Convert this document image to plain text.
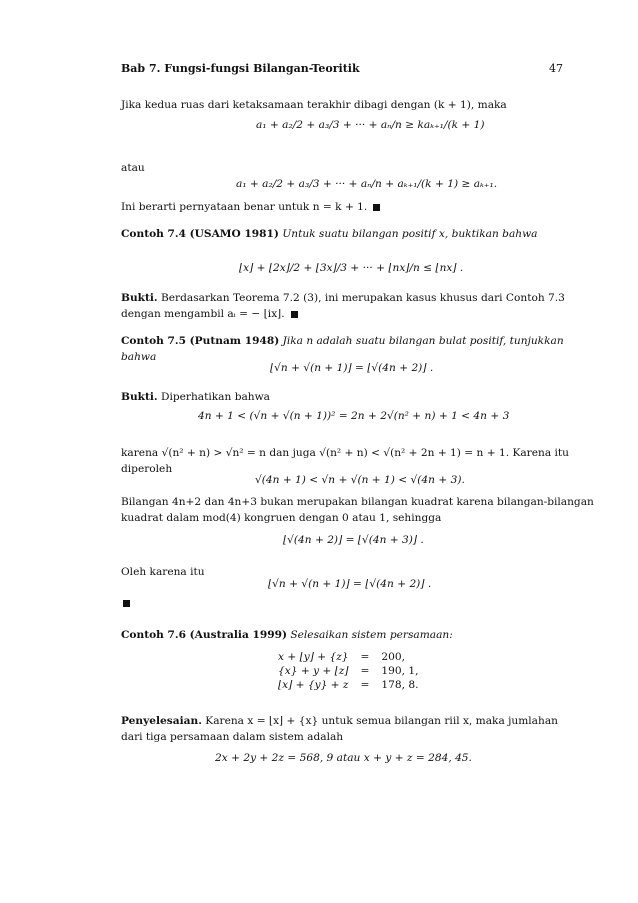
Bab 7. Fungsi-fungsi Bilangan-Teoritik	47
Jika kedua ruas dari ketaksamaan terakhir dibagi dengan (k + 1), maka
a₁ + a₂/2 + a₃/3 + ··· + aₙ/n ≥ kaₖ₊₁/(k + 1)
atau
a₁ + a₂/2 + a₃/3 + ··· + aₙ/n + aₖ₊₁/(k + 1) ≥ aₖ₊₁.
Ini berarti pernyataan benar untuk n = k + 1.
Contoh 7.4 (USAMO 1981) Untuk suatu bilangan positif x, buktikan bahwa
⌊x⌋ + ⌊2x⌋/2 + ⌊3x⌋/3 + ··· + ⌊nx⌋/n ≤ ⌊nx⌋ .
Bukti. Berdasarkan Teorema 7.2 (3), ini merupakan kasus khusus dari Contoh 7.3
dengan mengambil aᵢ = − ⌊ix⌋.
Contoh 7.5 (Putnam 1948) Jika n adalah suatu bilangan bulat positif, tunjukkan
bahwa
⌊√n + √(n + 1)⌋ = ⌊√(4n + 2)⌋ .
Bukti. Diperhatikan bahwa
4n + 1 < (√n + √(n + 1))² = 2n + 2√(n² + n) + 1 < 4n + 3
karena √(n² + n) > √n² = n dan juga √(n² + n) < √(n² + 2n + 1) = n + 1. Karena itu
diperoleh
√(4n + 1) < √n + √(n + 1) < √(4n + 3).
Bilangan 4n+2 dan 4n+3 bukan merupakan bilangan kuadrat karena bilangan-bilangan
kuadrat dalam mod(4) kongruen dengan 0 atau 1, sehingga
⌊√(4n + 2)⌋ = ⌊√(4n + 3)⌋ .
Oleh karena itu
⌊√n + √(n + 1)⌋ = ⌊√(4n + 2)⌋ .
Contoh 7.6 (Australia 1999) Selesaikan sistem persamaan:
x + ⌊y⌋ + {z}	=	200,
{x} + y + ⌊z⌋	=	190, 1,
⌊x⌋ + {y} + z	=	178, 8.
Penyelesaian. Karena x = ⌊x⌋ + {x} untuk semua bilangan riil x, maka jumlahan
dari tiga persamaan dalam sistem adalah
2x + 2y + 2z = 568, 9 atau x + y + z = 284, 45.
